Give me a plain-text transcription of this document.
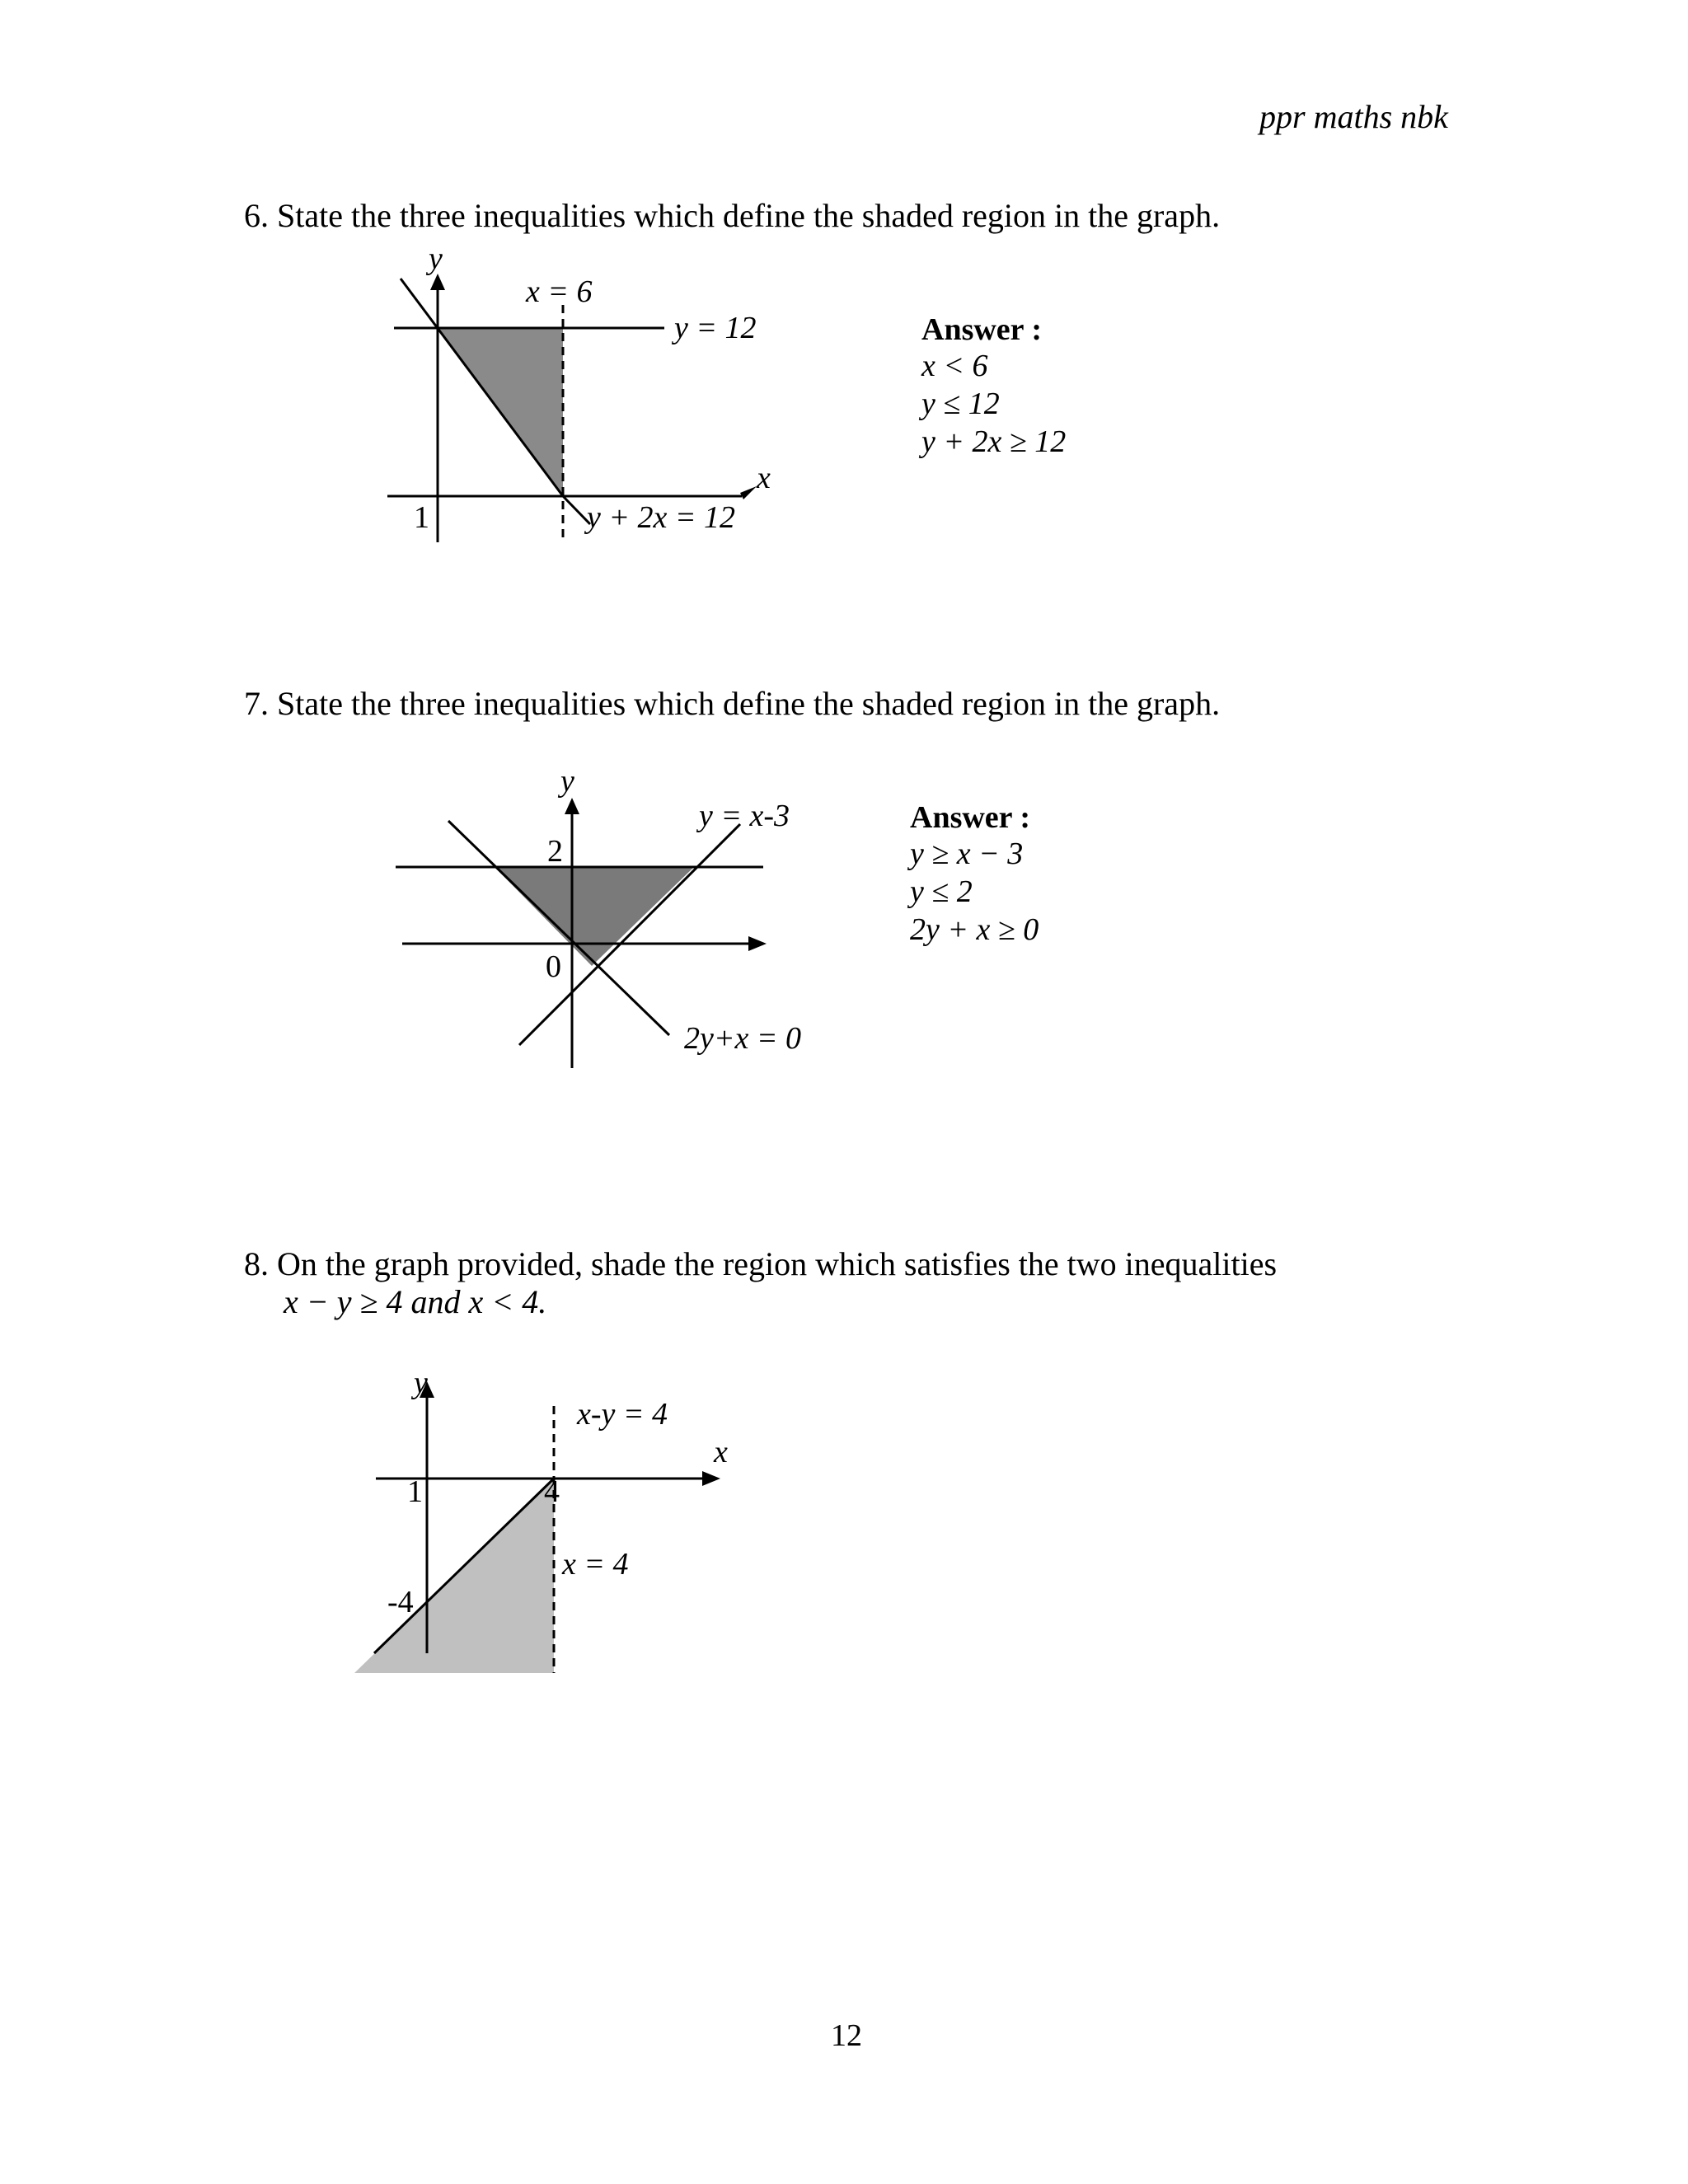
ppr maths nbk
6. State the three inequalities which define the shaded region in the graph.
y
x
x = 6
y = 12
y + 2x = 12
1
Answer :
x < 6
y ≤ 12
y + 2x ≥ 12
7. State the three inequalities which define the shaded region in the graph.
y
2
0
y = x-3
2y+x = 0
Answer :
y ≥ x − 3
y ≤ 2
2y + x ≥ 0
8. On the graph provided, shade the region which satisfies the two inequalities
x − y ≥ 4 and x < 4.
y
x
x-y = 4
x = 4
1	4
-4
12
